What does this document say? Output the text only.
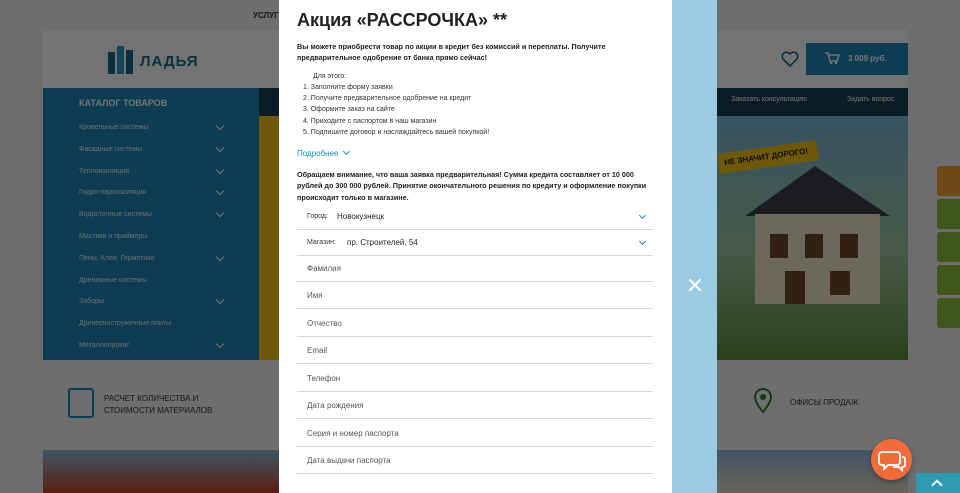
Акция «РАССРОЧКА» **

Вы можете приобрести товар по акции в кредит без комиссий и переплаты. Получите предварительное одобрение от банка прямо сейчас!

Для этого:
1. Заполните форму заявки
2. Получите предварительное одобрение на кредит
3. Оформите заказ на сайте
4. Приходите с паспортом в наш магазин
5. Подпишите договор и наслаждайтесь вашей покупкой!
Подробнее

Обращаем внимание, что ваша заявка предварительная! Сумма кредита составляет от 10 000 рублей до 300 000 рублей. Принятие окончательного решения по кредиту и оформление покупки происходит только в магазине.

Город: Новокузнецк
Магазин: пр. Строителей, 54
Фамилия
Имя
Отчество
Email
Телефон
Дата рождения
Серия и номер паспорта
Дата выдачи паспорта
